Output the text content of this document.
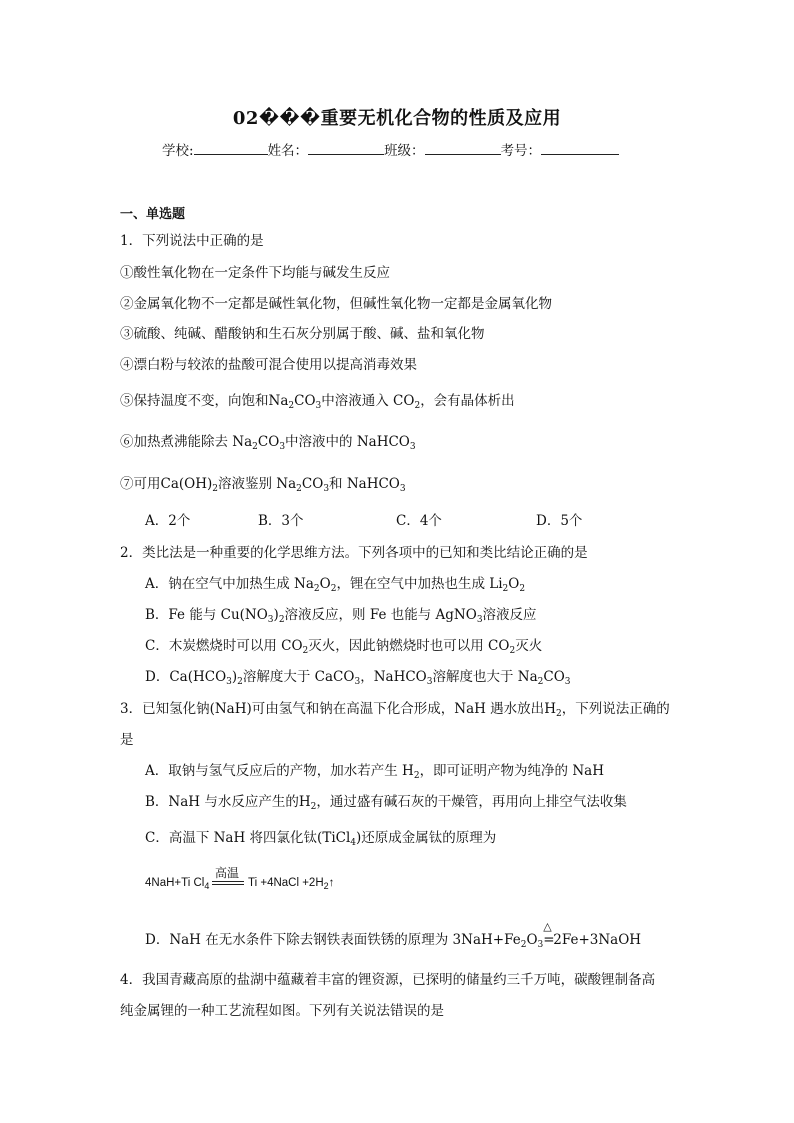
02���重要无机化合物的性质及应用
学校:	姓名：	班级：	考号：
一、单选题
1．下列说法中正确的是
①酸性氧化物在一定条件下均能与碱发生反应
②金属氧化物不一定都是碱性氧化物，但碱性氧化物一定都是金属氧化物
③硫酸、纯碱、醋酸钠和生石灰分别属于酸、碱、盐和氧化物
④漂白粉与较浓的盐酸可混合使用以提高消毒效果
⑤保持温度不变，向饱和$Na_2CO_3$中溶液通入 $CO_2$，会有晶体析出
⑥加热煮沸能除去 $Na_2CO_3$中溶液中的 NaHCO$_3$
⑦可用$Ca(OH)_2$溶液鉴别 $Na_2CO_3$和 NaHCO$_3$
A．2个	B．3个	C．4个	D．5个
2．类比法是一种重要的化学思维方法。下列各项中的已知和类比结论正确的是
A．钠在空气中加热生成 $Na_2O_2$，锂在空气中加热也生成 $Li_2O_2$
B．Fe 能与 $Cu(NO_3)_2$溶液反应，则 Fe 也能与 AgNO$_3$溶液反应
C．木炭燃烧时可以用 $CO_2$灭火，因此钠燃烧时也可以用 $CO_2$灭火
D．$Ca(HCO_3)_2$溶解度大于 CaCO$_3$，NaHCO$_3$溶解度也大于 $Na_2CO_3$
3．已知氢化钠(NaH)可由氢气和钠在高温下化合形成，NaH 遇水放出$H_2$，下列说法正确的
是
A．取钠与氢气反应后的产物，加水若产生 $H_2$，即可证明产物为纯净的 NaH
B．NaH 与水反应产生的$H_2$，通过盛有碱石灰的干燥管，再用向上排空气法收集
C．高温下 NaH 将四氯化钛(TiCl$_4$)还原成金属钛的原理为
4NaH+Ti $Cl_4$
高温
Ti +4NaCl $+2H_2↑$
D．NaH 在无水条件下除去钢铁表面铁锈的原理为 $3NaH+Fe_2O_3$
△
=2Fe+3NaOH
4．我国青藏高原的盐湖中蕴藏着丰富的锂资源，已探明的储量约三千万吨，碳酸锂制备高
纯金属锂的一种工艺流程如图。下列有关说法错误的是
